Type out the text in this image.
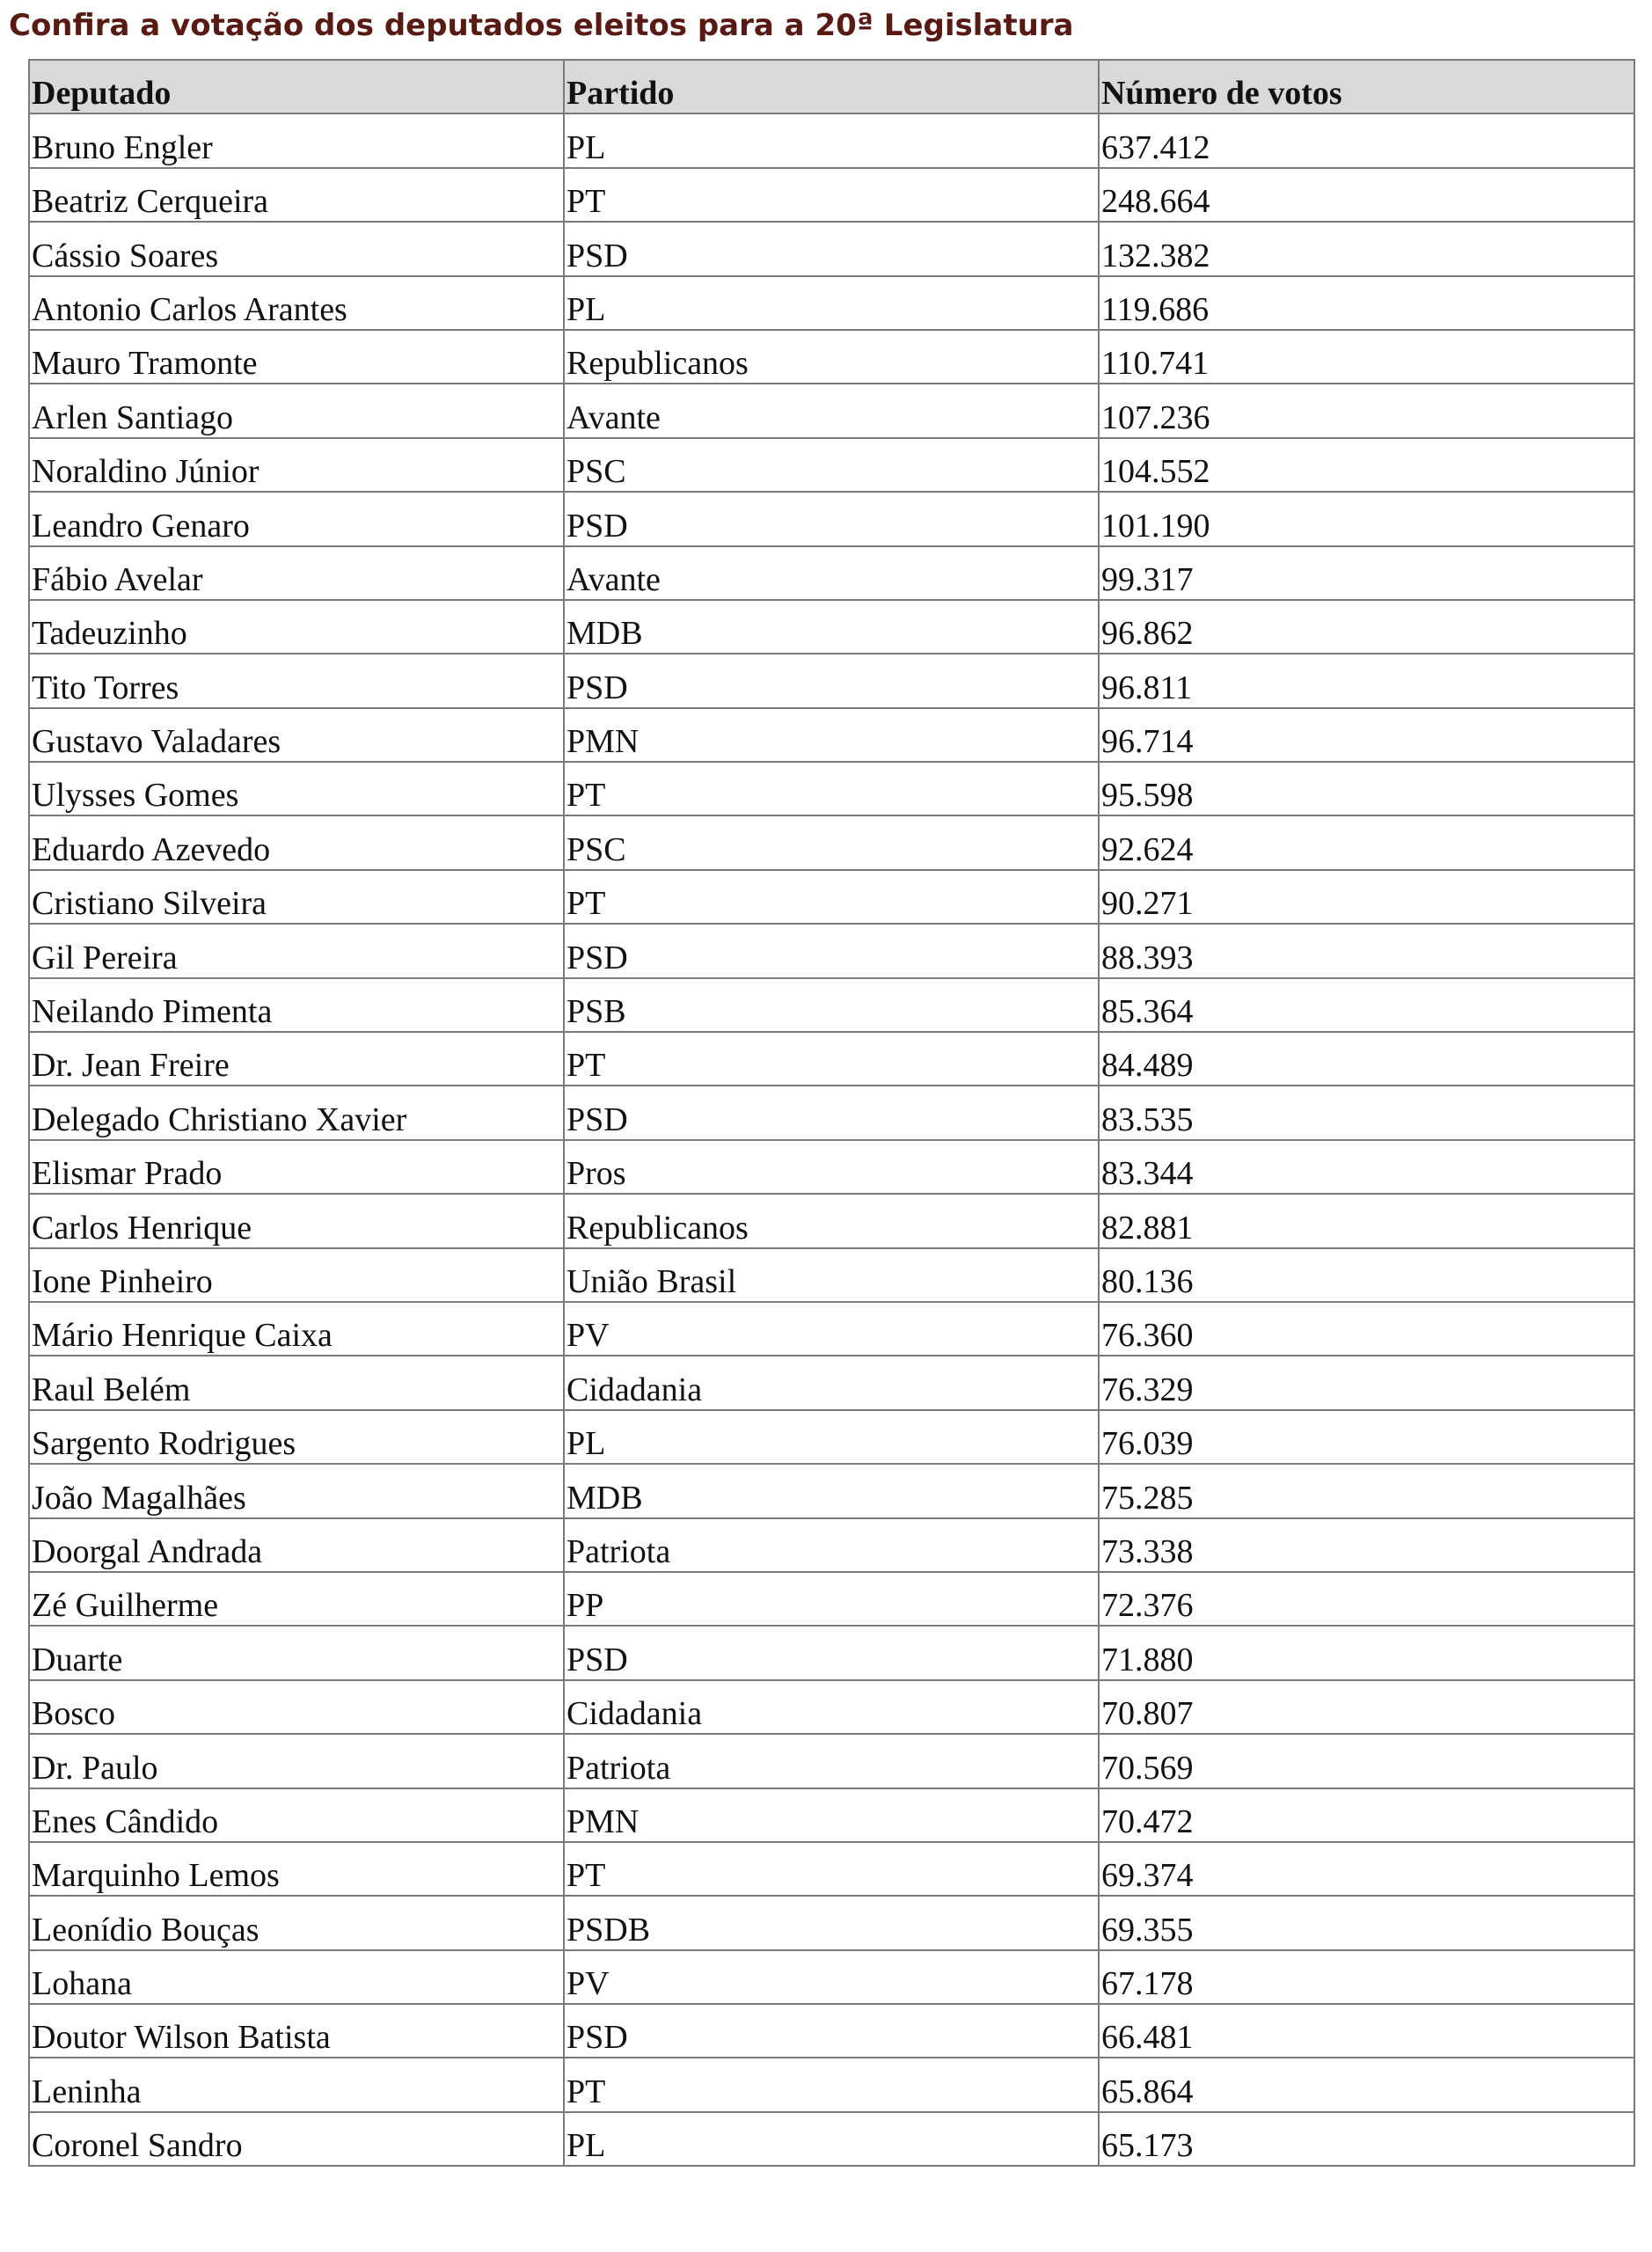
Confira a votação dos deputados eleitos para a 20ª Legislatura
Deputado	Partido	Número de votos
Bruno Engler	PL	637.412
Beatriz Cerqueira	PT	248.664
Cássio Soares	PSD	132.382
Antonio Carlos Arantes	PL	119.686
Mauro Tramonte	Republicanos	110.741
Arlen Santiago	Avante	107.236
Noraldino Júnior	PSC	104.552
Leandro Genaro	PSD	101.190
Fábio Avelar	Avante	99.317
Tadeuzinho	MDB	96.862
Tito Torres	PSD	96.811
Gustavo Valadares	PMN	96.714
Ulysses Gomes	PT	95.598
Eduardo Azevedo	PSC	92.624
Cristiano Silveira	PT	90.271
Gil Pereira	PSD	88.393
Neilando Pimenta	PSB	85.364
Dr. Jean Freire	PT	84.489
Delegado Christiano Xavier	PSD	83.535
Elismar Prado	Pros	83.344
Carlos Henrique	Republicanos	82.881
Ione Pinheiro	União Brasil	80.136
Mário Henrique Caixa	PV	76.360
Raul Belém	Cidadania	76.329
Sargento Rodrigues	PL	76.039
João Magalhães	MDB	75.285
Doorgal Andrada	Patriota	73.338
Zé Guilherme	PP	72.376
Duarte	PSD	71.880
Bosco	Cidadania	70.807
Dr. Paulo	Patriota	70.569
Enes Cândido	PMN	70.472
Marquinho Lemos	PT	69.374
Leonídio Bouças	PSDB	69.355
Lohana	PV	67.178
Doutor Wilson Batista	PSD	66.481
Leninha	PT	65.864
Coronel Sandro	PL	65.173
